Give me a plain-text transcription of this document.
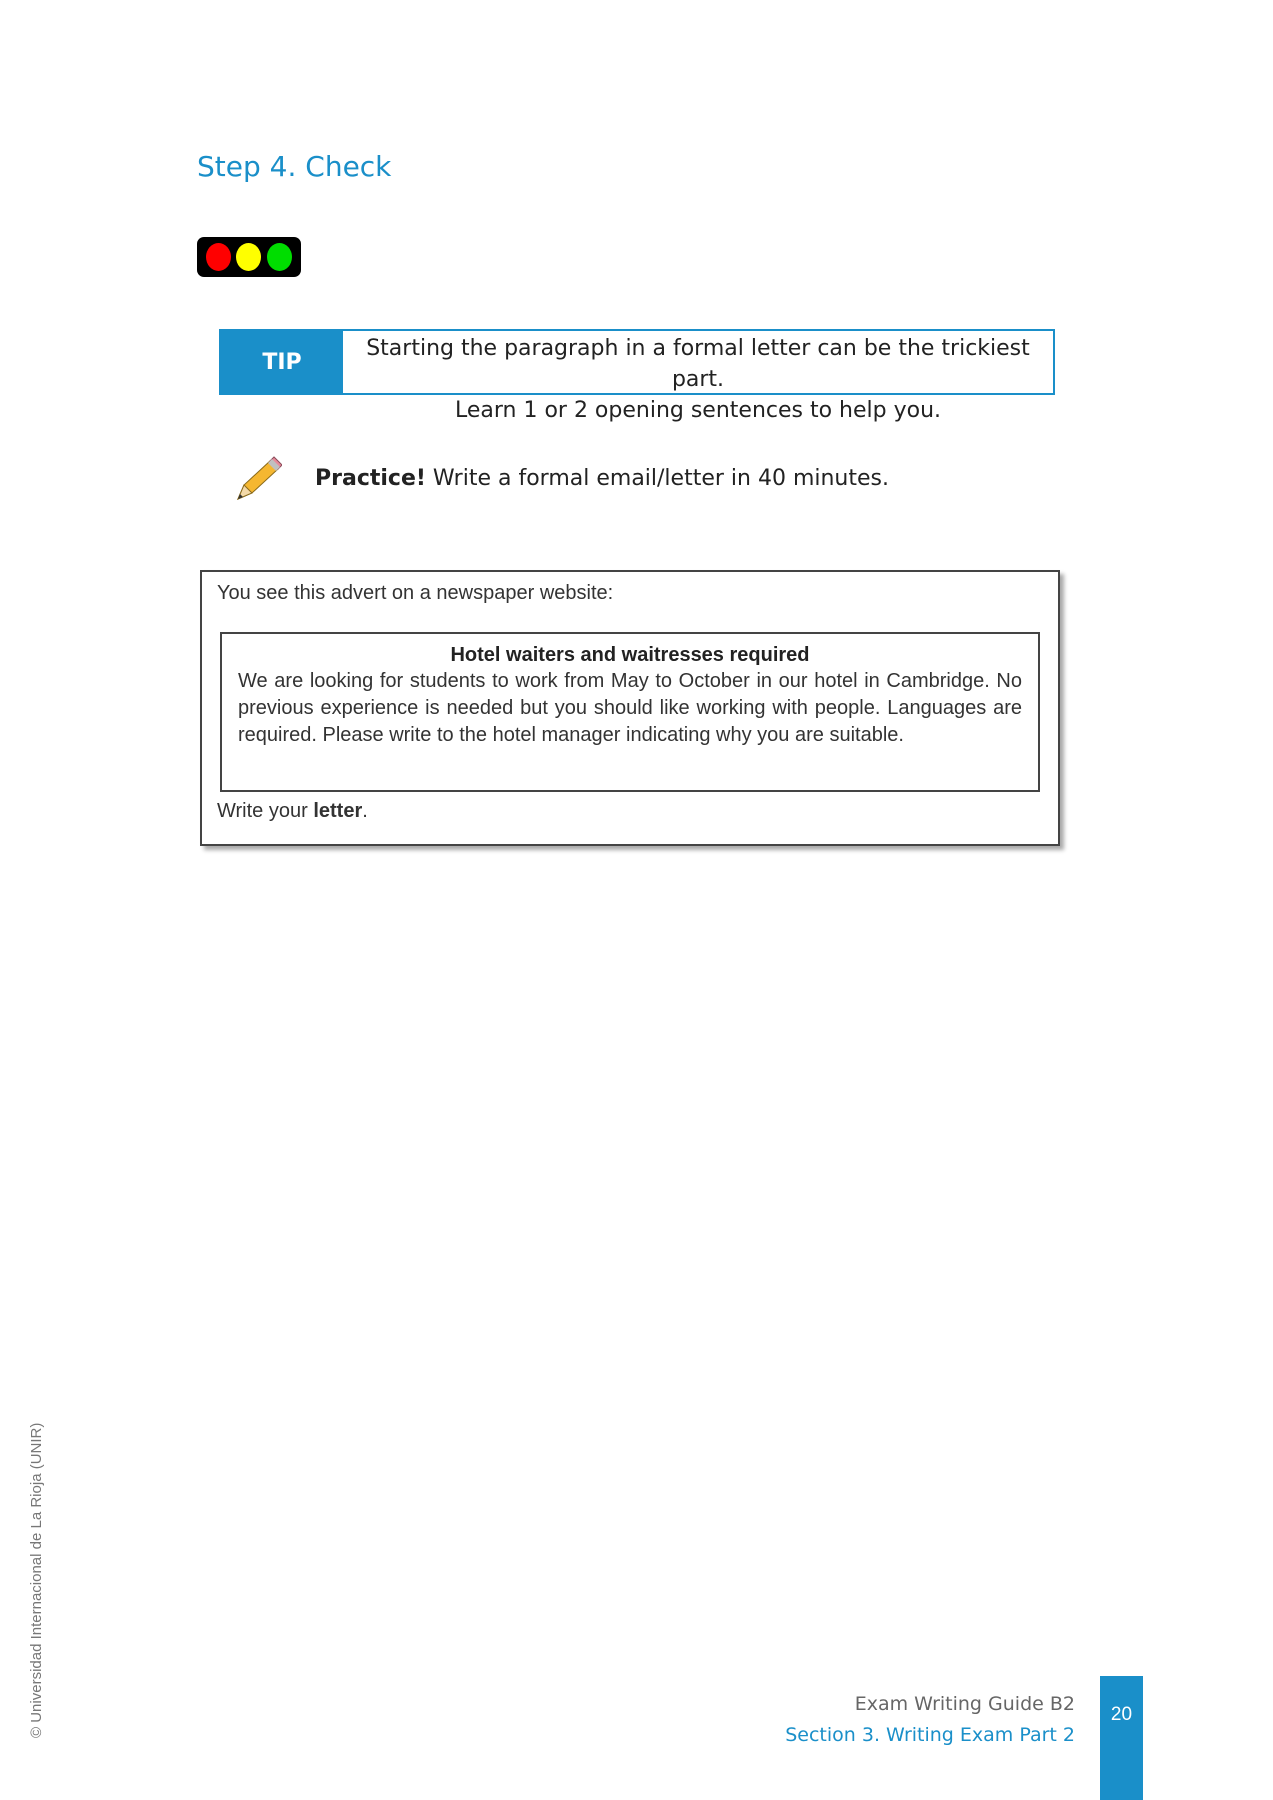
Step 4. Check
TIP
Starting the paragraph in a formal letter can be the trickiest part.
Learn 1 or 2 opening sentences to help you.
Practice! Write a formal email/letter in 40 minutes.
You see this advert on a newspaper website:
Hotel waiters and waitresses required
We are looking for students to work from May to October in our hotel in Cambridge. No previous experience is needed but you should like working with people. Languages are required. Please write to the hotel manager indicating why you are suitable.
Write your letter.
© Universidad Internacional de La Rioja (UNIR)	Exam Writing Guide B2
Section 3. Writing Exam Part 2
20
